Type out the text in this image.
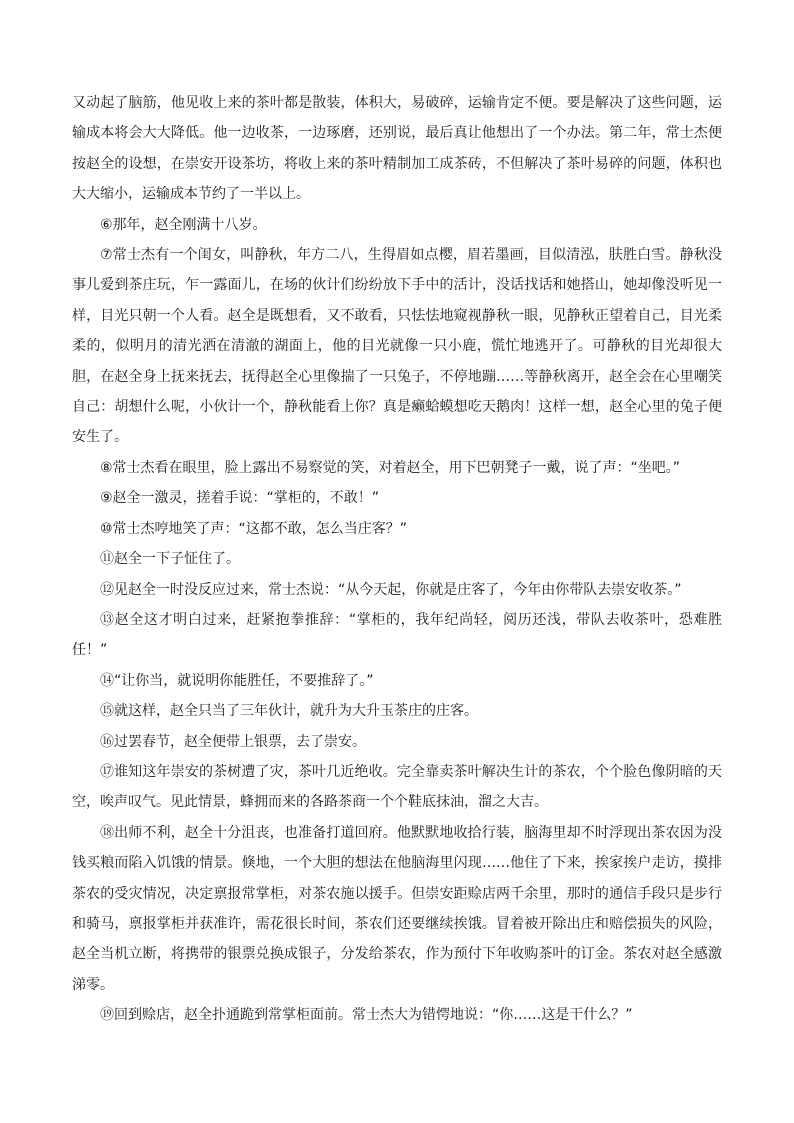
又动起了脑筋，他见收上来的茶叶都是散装，体积大，易破碎，运输肯定不便。要是解决了这些问题，运输成本将会大大降低。他一边收茶，一边琢磨，还别说，最后真让他想出了一个办法。第二年，常士杰便按赵全的设想，在崇安开设茶坊，将收上来的茶叶精制加工成茶砖，不但解决了茶叶易碎的问题，体积也大大缩小，运输成本节约了一半以上。

⑥那年，赵全刚满十八岁。

⑦常士杰有一个闺女，叫静秋，年方二八，生得眉如点樱，眉若墨画，目似清泓，肤胜白雪。静秋没事儿爱到茶庄玩，乍一露面儿，在场的伙计们纷纷放下手中的活计，没话找话和她搭山，她却像没听见一样，目光只朝一个人看。赵全是既想看，又不敢看，只怯怯地窥视静秋一眼，见静秋正望着自己，目光柔柔的，似明月的清光洒在清澈的湖面上，他的目光就像一只小鹿，慌忙地逃开了。可静秋的目光却很大胆，在赵全身上抚来抚去，抚得赵全心里像揣了一只兔子，不停地蹦……等静秋离开，赵全会在心里嘲笑自己：胡想什么呢，小伙计一个，静秋能看上你？真是癞蛤蟆想吃天鹅肉！这样一想，赵全心里的兔子便安生了。

⑧常士杰看在眼里，脸上露出不易察觉的笑，对着赵全，用下巴朝凳子一戴，说了声：“坐吧。”

⑨赵全一激灵，搓着手说：“掌柜的，不敢！”

⑩常士杰哼地笑了声：“这都不敢，怎么当庄客？”

⑪赵全一下子怔住了。

⑫见赵全一时没反应过来，常士杰说：“从今天起，你就是庄客了，今年由你带队去崇安收茶。”

⑬赵全这才明白过来，赶紧抱拳推辞：“掌柜的，我年纪尚轻，阅历还浅，带队去收茶叶，恐难胜任！”

⑭“让你当，就说明你能胜任，不要推辞了。”

⑮就这样，赵全只当了三年伙计，就升为大升玉茶庄的庄客。

⑯过罢春节，赵全便带上银票，去了崇安。

⑰谁知这年崇安的茶树遭了灾，茶叶几近绝收。完全靠卖茶叶解决生计的茶农，个个脸色像阴暗的天空，唉声叹气。见此情景，蜂拥而来的各路茶商一个个鞋底抹油，溜之大吉。

⑱出师不利，赵全十分沮丧，也准备打道回府。他默默地收拾行装，脑海里却不时浮现出茶农因为没钱买粮而陷入饥饿的情景。倏地，一个大胆的想法在他脑海里闪现……他住了下来，挨家挨户走访，摸排茶农的受灾情况，决定禀报常掌柜，对茶农施以援手。但崇安距赊店两千余里，那时的通信手段只是步行和骑马，禀报掌柜并获准许，需花很长时间，茶农们还要继续挨饿。冒着被开除出庄和赔偿损失的风险，赵全当机立断，将携带的银票兑换成银子，分发给茶农，作为预付下年收购茶叶的订金。茶农对赵全感激涕零。

⑲回到赊店，赵全扑通跪到常掌柜面前。常士杰大为错愕地说：“你……这是干什么？”
